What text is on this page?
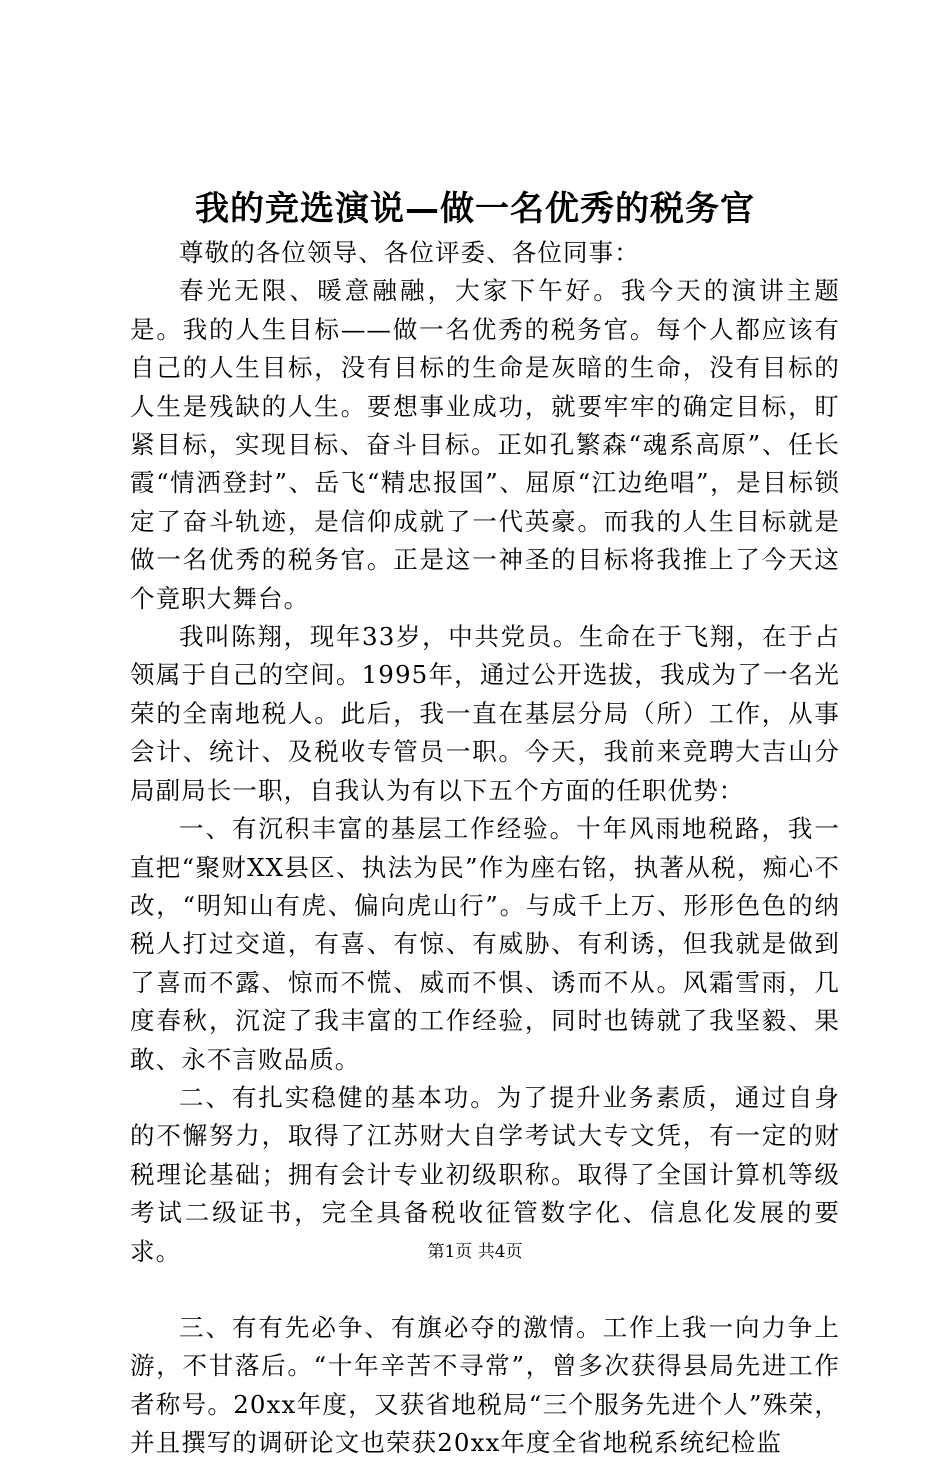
我的竞选演说—做一名优秀的税务官

尊敬的各位领导、各位评委、各位同事：

春光无限、暖意融融，大家下午好。我今天的演讲主题是。我的人生目标——做一名优秀的税务官。每个人都应该有自己的人生目标，没有目标的生命是灰暗的生命，没有目标的人生是残缺的人生。要想事业成功，就要牢牢的确定目标，盯紧目标，实现目标、奋斗目标。正如孔繁森“魂系高原”、任长霞“情洒登封”、岳飞“精忠报国”、屈原“江边绝唱”，是目标锁定了奋斗轨迹，是信仰成就了一代英豪。而我的人生目标就是做一名优秀的税务官。正是这一神圣的目标将我推上了今天这个竟职大舞台。

我叫陈翔，现年33岁，中共党员。生命在于飞翔，在于占领属于自己的空间。1995年，通过公开选拔，我成为了一名光荣的全南地税人。此后，我一直在基层分局（所）工作，从事会计、统计、及税收专管员一职。今天，我前来竞聘大吉山分局副局长一职，自我认为有以下五个方面的任职优势：

一、有沉积丰富的基层工作经验。十年风雨地税路，我一直把“聚财XX县区、执法为民”作为座右铭，执著从税，痴心不改，“明知山有虎、偏向虎山行”。与成千上万、形形色色的纳税人打过交道，有喜、有惊、有威胁、有利诱，但我就是做到了喜而不露、惊而不慌、威而不惧、诱而不从。风霜雪雨，几度春秋，沉淀了我丰富的工作经验，同时也铸就了我坚毅、果敢、永不言败品质。

二、有扎实稳健的基本功。为了提升业务素质，通过自身的不懈努力，取得了江苏财大自学考试大专文凭，有一定的财税理论基础；拥有会计专业初级职称。取得了全国计算机等级考试二级证书，完全具备税收征管数字化、信息化发展的要求。

三、有有先必争、有旗必夺的激情。工作上我一向力争上游，不甘落后。“十年辛苦不寻常”，曾多次获得县局先进工作者称号。20xx年度，又获省地税局“三个服务先进个人”殊荣，并且撰写的调研论文也荣获20xx年度全省地税系统纪检监

第1页 共4页
